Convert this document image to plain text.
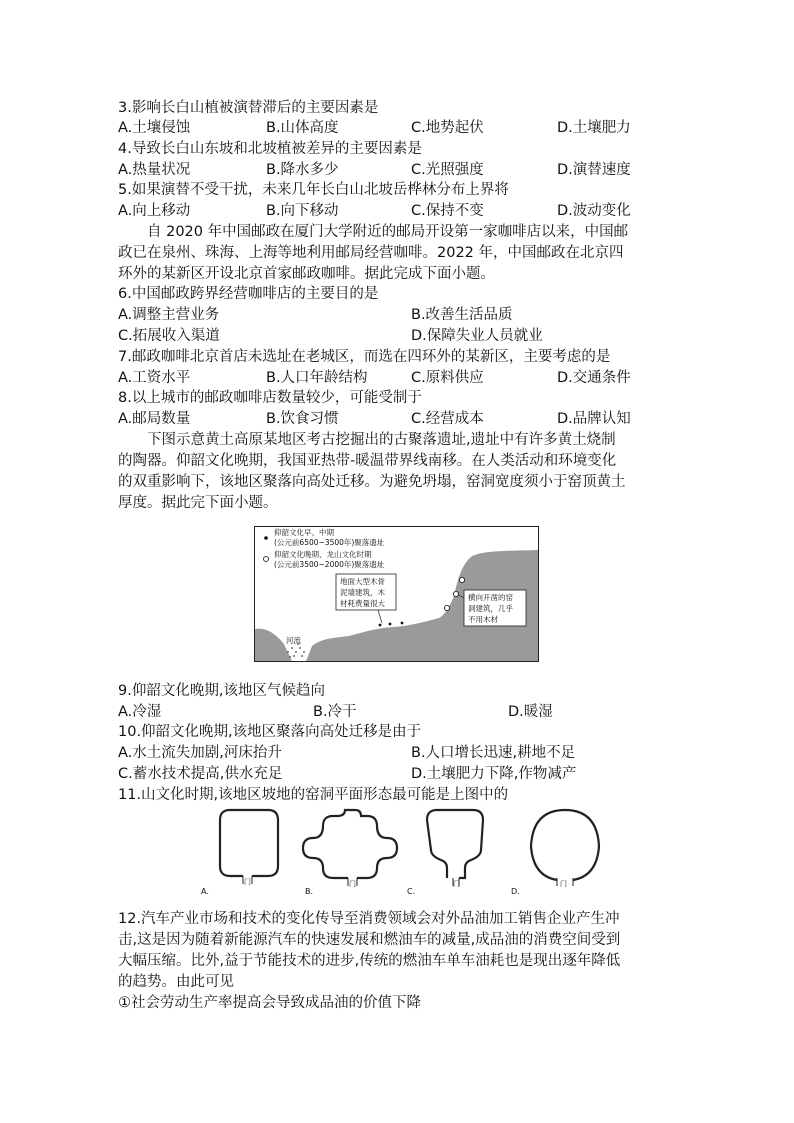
3.影响长白山植被演替滞后的主要因素是
A.土壤侵蚀	B.山体高度	C.地势起伏	D.土壤肥力
4.导致长白山东坡和北坡植被差异的主要因素是
A.热量状况	B.降水多少	C.光照强度	D.演替速度
5.如果演替不受干扰，未来几年长白山北坡岳桦林分布上界将
A.向上移动	B.向下移动	C.保持不变	D.波动变化
　　自 2020 年中国邮政在厦门大学附近的邮局开设第一家咖啡店以来，中国邮
政已在泉州、珠海、上海等地利用邮局经营咖啡。2022 年，中国邮政在北京四
环外的某新区开设北京首家邮政咖啡。据此完成下面小题。
6.中国邮政跨界经营咖啡店的主要目的是
A.调整主营业务	B.改善生活品质
C.拓展收入渠道	D.保障失业人员就业
7.邮政咖啡北京首店未选址在老城区，而选在四环外的某新区，主要考虑的是
A.工资水平	B.人口年龄结构	C.原料供应	D.交通条件
8.以上城市的邮政咖啡店数量较少，可能受制于
A.邮局数量	B.饮食习惯	C.经营成本	D.品牌认知
　　下图示意黄土高原某地区考古挖掘出的古聚落遗址,遗址中有许多黄土烧制
的陶器。仰韶文化晚期，我国亚热带-暖温带界线南移。在人类活动和环境变化
的双重影响下，该地区聚落向高处迁移。为避免坍塌，窑洞宽度须小于窑顶黄土
厚度。据此完下面小题。
河流
仰韶文化早、中期
(公元前6500~3500年)聚落遗址
仰韶文化晚期、龙山文化时期
(公元前3500~2000年)聚落遗址
地面大型木骨
泥墙建筑，木
材耗费量很大
横向开凿的窑
洞建筑，几乎
不用木材
9.仰韶文化晚期,该地区气候趋向
A.冷湿	B.冷干	D.暖湿
10.仰韶文化晚期,该地区聚落向高处迁移是由于
A.水土流失加剧,河床抬升	B.人口增长迅速,耕地不足
C.蓄水技术提高,供水充足	D.土壤肥力下降,作物减产
11.山文化时期,该地区坡地的窑洞平面形态最可能是上图中的
门
A.
门
B.
门
C.
门
D.
12.汽车产业市场和技术的变化传导至消费领域会对外品油加工销售企业产生冲
击,这是因为随着新能源汽车的快速发展和燃油车的减量,成品油的消费空间受到
大幅压缩。比外,益于节能技术的进步,传统的燃油车单车油耗也是现出逐年降低
的趋势。由此可见
①社会劳动生产率提高会导致成品油的价值下降
